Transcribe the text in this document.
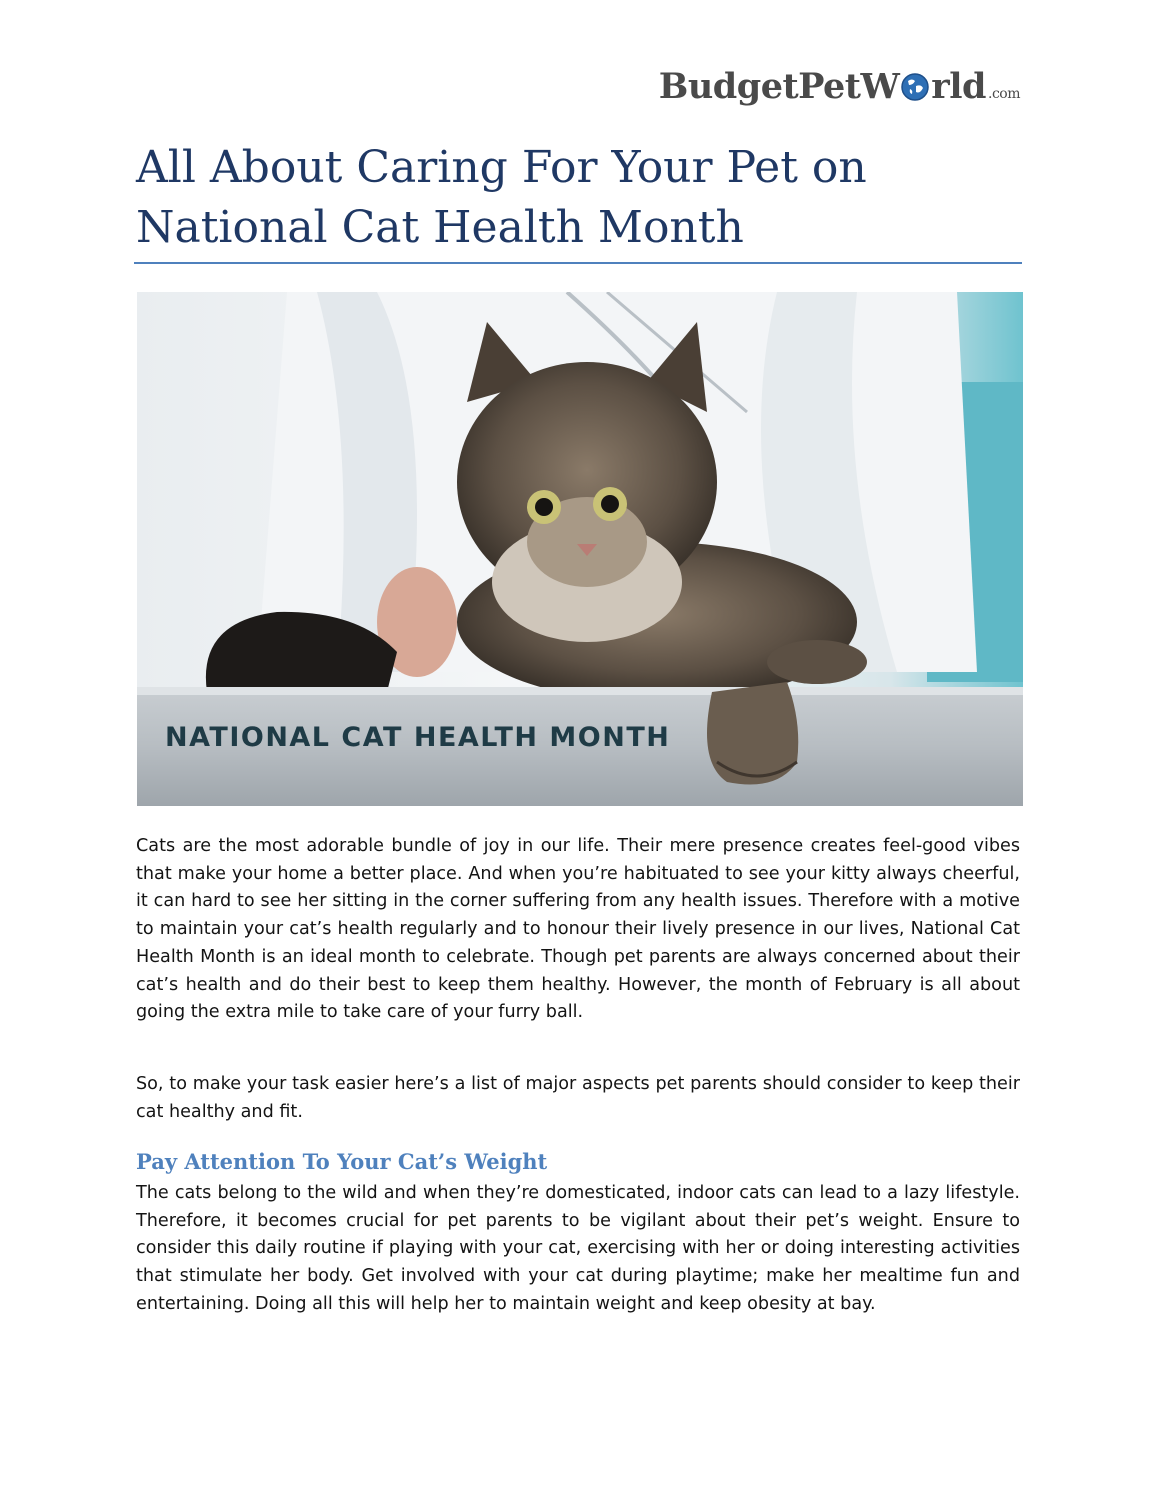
BudgetPetW rld .com
All About Caring For Your Pet on National Cat Health Month
NATIONAL CAT HEALTH MONTH

Cats are the most adorable bundle of joy in our life. Their mere presence creates feel-good vibes that make your home a better place. And when you’re habituated to see your kitty always cheerful, it can hard to see her sitting in the corner suffering from any health issues. Therefore with a motive to maintain your cat’s health regularly and to honour their lively presence in our lives, National Cat Health Month is an ideal month to celebrate. Though pet parents are always concerned about their cat’s health and do their best to keep them healthy. However, the month of February is all about going the extra mile to take care of your furry ball.

So, to make your task easier here’s a list of major aspects pet parents should consider to keep their cat healthy and fit.

Pay Attention To Your Cat’s Weight

The cats belong to the wild and when they’re domesticated, indoor cats can lead to a lazy lifestyle. Therefore, it becomes crucial for pet parents to be vigilant about their pet’s weight. Ensure to consider this daily routine if playing with your cat, exercising with her or doing interesting activities that stimulate her body. Get involved with your cat during playtime; make her mealtime fun and entertaining. Doing all this will help her to maintain weight and keep obesity at bay.
